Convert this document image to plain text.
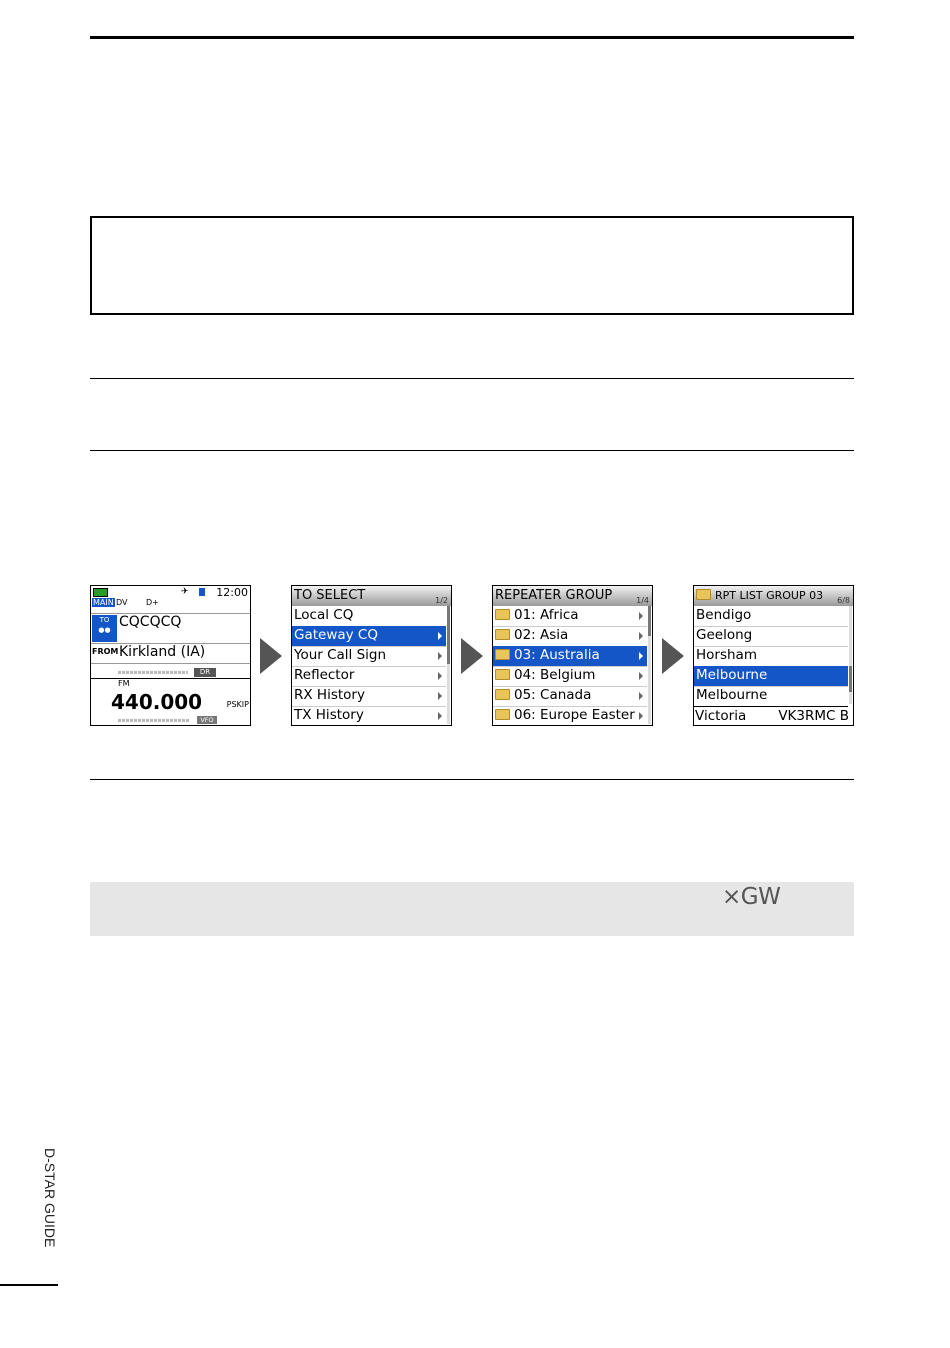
✈	12:00
MAIN DV D+
TO
●● CQCQCQ
FROM Kirkland (IA)
DR
FM
440.000	PSKIP
VFO
TO SELECT	1/2
Local CQ
Gateway CQ
Your Call Sign
Reflector
RX History
TX History
REPEATER GROUP	1/4
01: Africa
02: Asia
03: Australia
04: Belgium
05: Canada
06: Europe Easter
RPT LIST GROUP 03 6/8
Bendigo
Geelong
Horsham
Melbourne
Melbourne
Victoria VK3RMC B
×GW
D-STAR GUIDE
